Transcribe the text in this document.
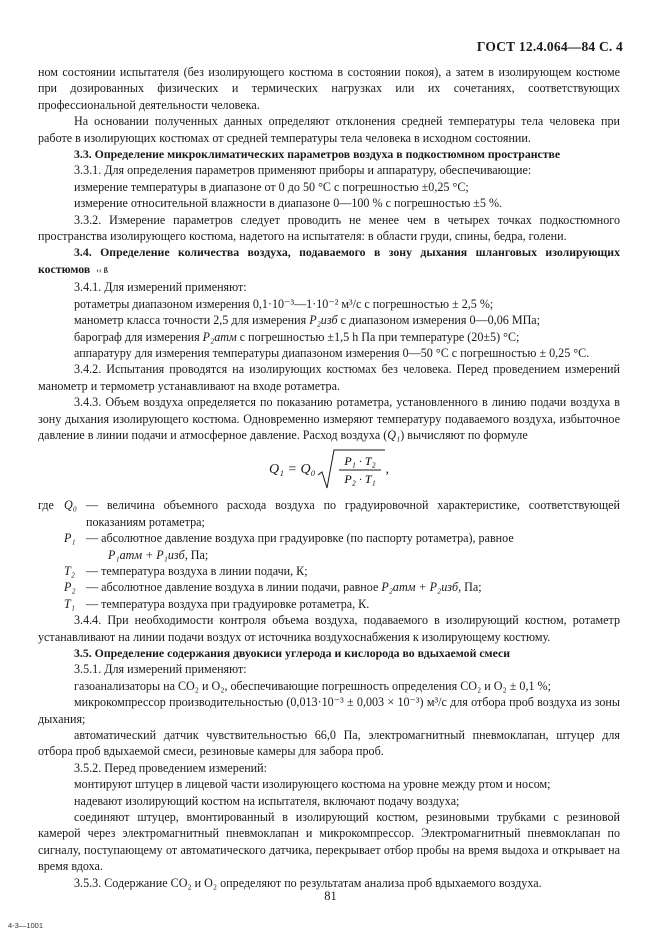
ГОСТ 12.4.064—84 С. 4

ном состоянии испытателя (без изолирующего костюма в состоянии покоя), а затем в изолирующем костюме при дозированных физических и термических нагрузках или их сочетаниях, соответствующих профессиональной деятельности человека.

На основании полученных данных определяют отклонения средней температуры тела человека при работе в изолирующих костюмах от средней температуры тела человека в исходном состоянии.

3.3. Определение микроклиматических параметров воздуха в подкостюмном пространстве

3.3.1. Для определения параметров применяют приборы и аппаратуру, обеспечивающие:

измерение температуры в диапазоне от 0 до 50 °С с погрешностью ±0,25 °С;

измерение относительной влажности в диапазоне 0—100 % с погрешностью ±5 %.

3.3.2. Измерение параметров следует проводить не менее чем в четырех точках подкостюмного пространства изолирующего костюма, надетого на испытателя: в области груди, спины, бедра, голени.

3.4. Определение количества воздуха, подаваемого в зону дыхания шланговых изолирующих костюмов ‹‹ ß

3.4.1. Для измерений применяют:

ротаметры диапазоном измерения 0,1·10⁻³—1·10⁻² м³/с с погрешностью ± 2,5 %;

манометр класса точности 2,5 для измерения P₂изб с диапазоном измерения 0—0,06 МПа;

барограф для измерения P₂атм с погрешностью ±1,5 h Па при температуре (20±5) °С;

аппаратуру для измерения температуры диапазоном измерения 0—50 °С с погрешностью ± 0,25 °С.

3.4.2. Испытания проводятся на изолирующих костюмах без человека. Перед проведением измерений манометр и термометр устанавливают на входе ротаметра.

3.4.3. Объем воздуха определяется по показанию ротаметра, установленного в линию подачи воздуха в зону дыхания изолирующего костюма. Одновременно измеряют температуру подаваемого воздуха, избыточное давление в линии подачи и атмосферное давление. Расход воздуха (Q₁) вычисляют по формуле

Q₁ = Q₀
P₁ · T₂
P₂ · T₁
,
где Q₀ — величина объемного расхода воздуха по градуировочной характеристике, соответствующей показаниям ротаметра;
P₁ — абсолютное давление воздуха при градуировке (по паспорту ротаметра), равное
P₁атм + P₁изб, Па;
T₂ — температура воздуха в линии подачи, К;
P₂ — абсолютное давление воздуха в линии подачи, равное P₂атм + P₂изб, Па;
T₁ — температура воздуха при градуировке ротаметра, К.

3.4.4. При необходимости контроля объема воздуха, подаваемого в изолирующий костюм, ротаметр устанавливают на линии подачи воздух от источника воздухоснабжения к изолирующему костюму.

3.5. Определение содержания двуокиси углерода и кислорода во вдыхаемой смеси

3.5.1. Для измерений применяют:

газоанализаторы на CO₂ и O₂, обеспечивающие погрешность определения CO₂ и O₂ ± 0,1 %;

микрокомпрессор производительностью (0,013·10⁻³ ± 0,003 × 10⁻³) м³/с для отбора проб воздуха из зоны дыхания;

автоматический датчик чувствительностью 66,0 Па, электромагнитный пневмоклапан, штуцер для отбора проб вдыхаемой смеси, резиновые камеры для забора проб.

3.5.2. Перед проведением измерений:

монтируют штуцер в лицевой части изолирующего костюма на уровне между ртом и носом;

надевают изолирующий костюм на испытателя, включают подачу воздуха;

соединяют штуцер, вмонтированный в изолирующий костюм, резиновыми трубками с резиновой камерой через электромагнитный пневмоклапан и микрокомпрессор. Электромагнитный пневмоклапан по сигналу, поступающему от автоматического датчика, перекрывает отбор пробы на время выдоха и открывает на время вдоха.

3.5.3. Содержание CO₂ и O₂ определяют по результатам анализа проб вдыхаемого воздуха.

81
4-3—1001
